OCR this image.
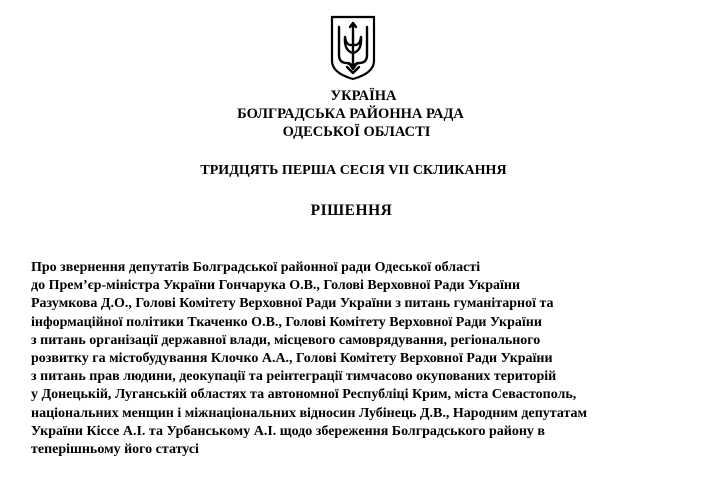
УКРАЇНА
БОЛГРАДСЬКА РАЙОННА РАДА
ОДЕСЬКОЇ ОБЛАСТІ
ТРИДЦЯТЬ ПЕРША СЕСІЯ VII СКЛИКАННЯ
РІШЕННЯ
Про звернення депутатів Болградської районної ради Одеської області
до Прем’єр-міністра України Гончарука О.В., Голові Верховної Ради України
Разумкова Д.О., Голові Комітету Верховної Ради України з питань гуманітарної та
інформаційної політики Ткаченко О.В., Голові Комітету Верховної Ради України
з питань організації державної влади, місцевого самоврядування, регіонального
розвитку га містобудування Клочко А.А., Голові Комітету Верховної Ради України
з питань прав людини, деокупації та реінтеграції тимчасово окупованих територій
у Донецькій, Луганській областях та автономної Республіці Крим, міста Севастополь,
національних менщин і міжнаціональних відносин Лубінець Д.В., Народним депутатам
України Кіссе А.І. та Урбанському А.І. щодо збереження Болградського району в
теперішньому його статусі
